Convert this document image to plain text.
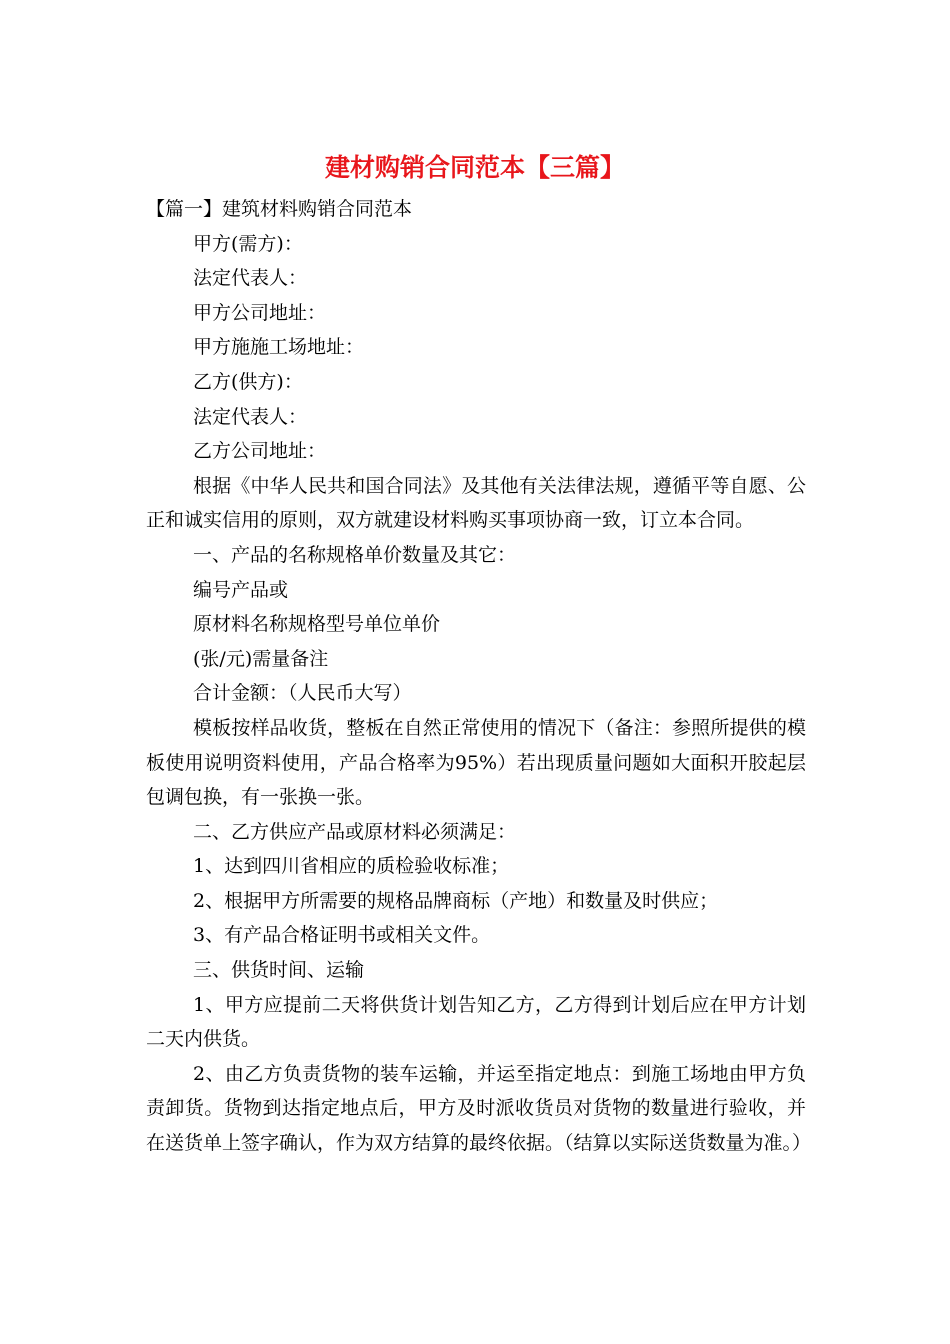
建材购销合同范本【三篇】

【篇一】建筑材料购销合同范本

甲方(需方)：

法定代表人：

甲方公司地址：

甲方施施工场地址：

乙方(供方)：

法定代表人：

乙方公司地址：

根据《中华人民共和国合同法》及其他有关法律法规，遵循平等自愿、公正和诚实信用的原则，双方就建设材料购买事项协商一致，订立本合同。

一、产品的名称规格单价数量及其它：

编号产品或

原材料名称规格型号单位单价

(张/元)需量备注

合计金额：（人民币大写）

模板按样品收货，整板在自然正常使用的情况下（备注：参照所提供的模板使用说明资料使用，产品合格率为95%）若出现质量问题如大面积开胶起层包调包换，有一张换一张。

二、乙方供应产品或原材料必须满足：

1、达到四川省相应的质检验收标准；

2、根据甲方所需要的规格品牌商标（产地）和数量及时供应；

3、有产品合格证明书或相关文件。

三、供货时间、运输

1、甲方应提前二天将供货计划告知乙方，乙方得到计划后应在甲方计划二天内供货。

2、由乙方负责货物的装车运输，并运至指定地点：到施工场地由甲方负责卸货。货物到达指定地点后，甲方及时派收货员对货物的数量进行验收，并在送货单上签字确认，作为双方结算的最终依据。（结算以实际送货数量为准。）
